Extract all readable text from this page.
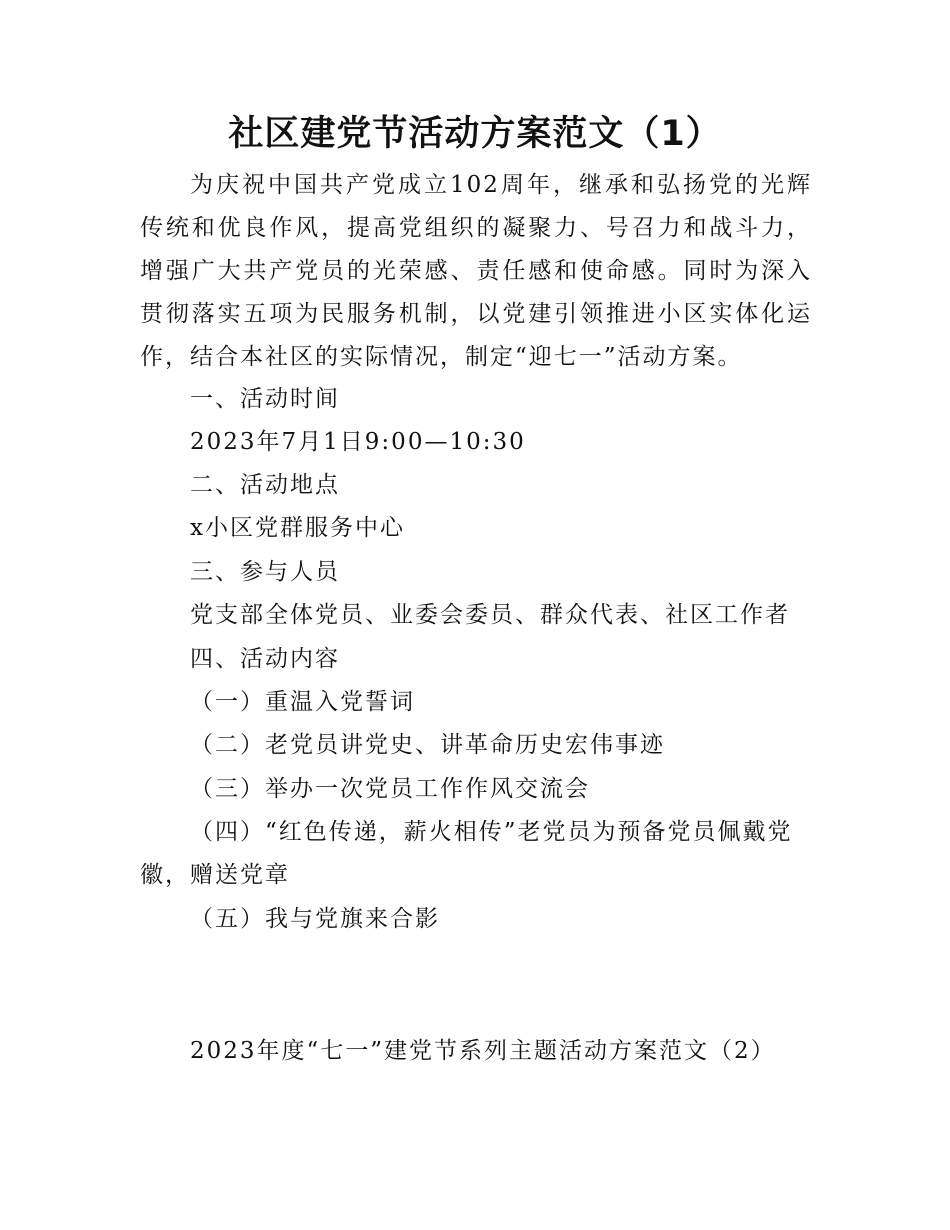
社区建党节活动方案范文（1）

为庆祝中国共产党成立102周年，继承和弘扬党的光辉传统和优良作风，提高党组织的凝聚力、号召力和战斗力，增强广大共产党员的光荣感、责任感和使命感。同时为深入贯彻落实五项为民服务机制，以党建引领推进小区实体化运作，结合本社区的实际情况，制定“迎七一”活动方案。

一、活动时间

2023年7月1日9:00—10:30

二、活动地点

x小区党群服务中心

三、参与人员

党支部全体党员、业委会委员、群众代表、社区工作者

四、活动内容

（一）重温入党誓词

（二）老党员讲党史、讲革命历史宏伟事迹

（三）举办一次党员工作作风交流会

（四）“红色传递，薪火相传”老党员为预备党员佩戴党徽，赠送党章

（五）我与党旗来合影

2023年度“七一”建党节系列主题活动方案范文（2）
